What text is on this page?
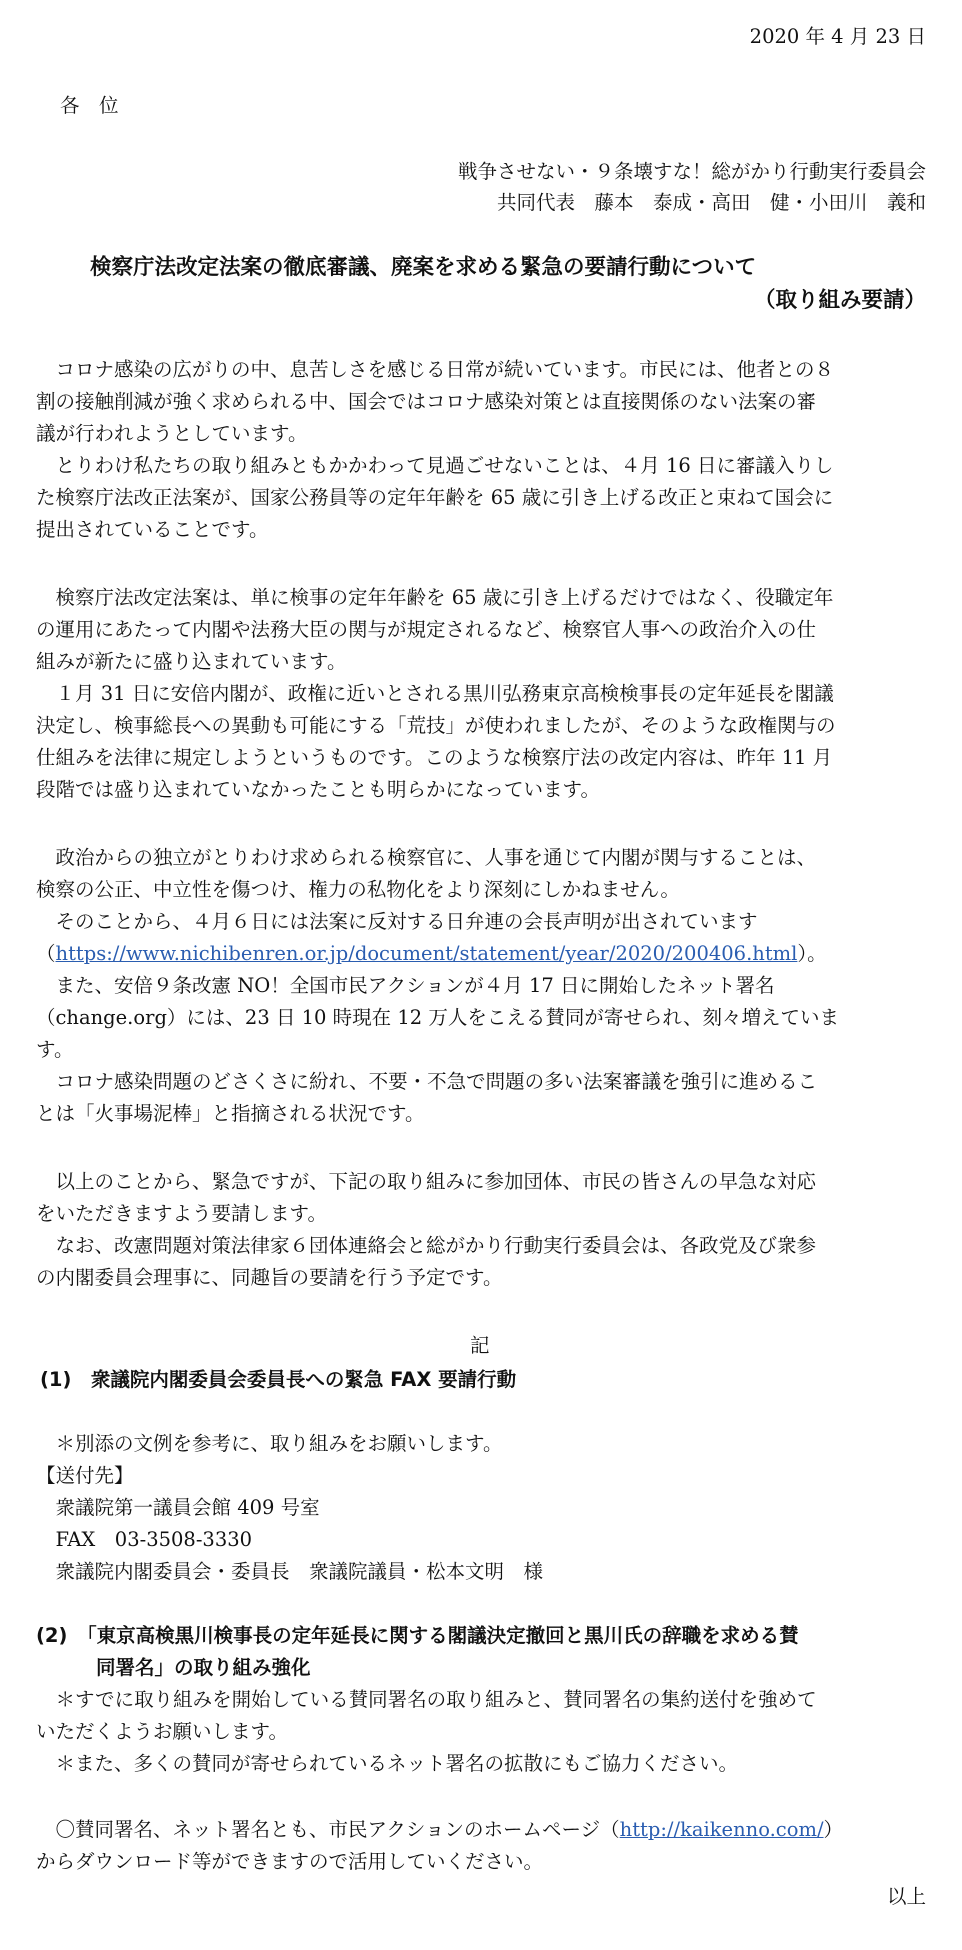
2020 年 4 月 23 日
各　位
戦争させない・９条壊すな！総がかり行動実行委員会
共同代表　藤本　泰成・高田　健・小田川　義和
検察庁法改定法案の徹底審議、廃案を求める緊急の要請行動について
（取り組み要請）
　コロナ感染の広がりの中、息苦しさを感じる日常が続いています。市民には、他者との８
割の接触削減が強く求められる中、国会ではコロナ感染対策とは直接関係のない法案の審
議が行われようとしています。
　とりわけ私たちの取り組みともかかわって見過ごせないことは、４月 16 日に審議入りし
た検察庁法改正法案が、国家公務員等の定年年齢を 65 歳に引き上げる改正と束ねて国会に
提出されていることです。
　検察庁法改定法案は、単に検事の定年年齢を 65 歳に引き上げるだけではなく、役職定年
の運用にあたって内閣や法務大臣の関与が規定されるなど、検察官人事への政治介入の仕
組みが新たに盛り込まれています。
　１月 31 日に安倍内閣が、政権に近いとされる黒川弘務東京高検検事長の定年延長を閣議
決定し、検事総長への異動も可能にする「荒技」が使われましたが、そのような政権関与の
仕組みを法律に規定しようというものです。このような検察庁法の改定内容は、昨年 11 月
段階では盛り込まれていなかったことも明らかになっています。
　政治からの独立がとりわけ求められる検察官に、人事を通じて内閣が関与することは、
検察の公正、中立性を傷つけ、権力の私物化をより深刻にしかねません。
　そのことから、４月６日には法案に反対する日弁連の会長声明が出されています
（https://www.nichibenren.or.jp/document/statement/year/2020/200406.html）。
　また、安倍９条改憲 NO！全国市民アクションが４月 17 日に開始したネット署名
（change.org）には、23 日 10 時現在 12 万人をこえる賛同が寄せられ、刻々増えていま
す。
　コロナ感染問題のどさくさに紛れ、不要・不急で問題の多い法案審議を強引に進めるこ
とは「火事場泥棒」と指摘される状況です。
　以上のことから、緊急ですが、下記の取り組みに参加団体、市民の皆さんの早急な対応
をいただきますよう要請します。
　なお、改憲問題対策法律家６団体連絡会と総がかり行動実行委員会は、各政党及び衆参
の内閣委員会理事に、同趣旨の要請を行う予定です。
記
(1)　衆議院内閣委員会委員長への緊急 FAX 要請行動
　＊別添の文例を参考に、取り組みをお願いします。
【送付先】
　衆議院第一議員会館 409 号室
　FAX　03-3508-3330
　衆議院内閣委員会・委員長　衆議院議員・松本文明　様
(2)　「東京高検黒川検事長の定年延長に関する閣議決定撤回と黒川氏の辞職を求める賛
同署名」の取り組み強化
　＊すでに取り組みを開始している賛同署名の取り組みと、賛同署名の集約送付を強めて
いただくようお願いします。
　＊また、多くの賛同が寄せられているネット署名の拡散にもご協力ください。
　〇賛同署名、ネット署名とも、市民アクションのホームページ（http://kaikenno.com/）
からダウンロード等ができますので活用していください。
以上
